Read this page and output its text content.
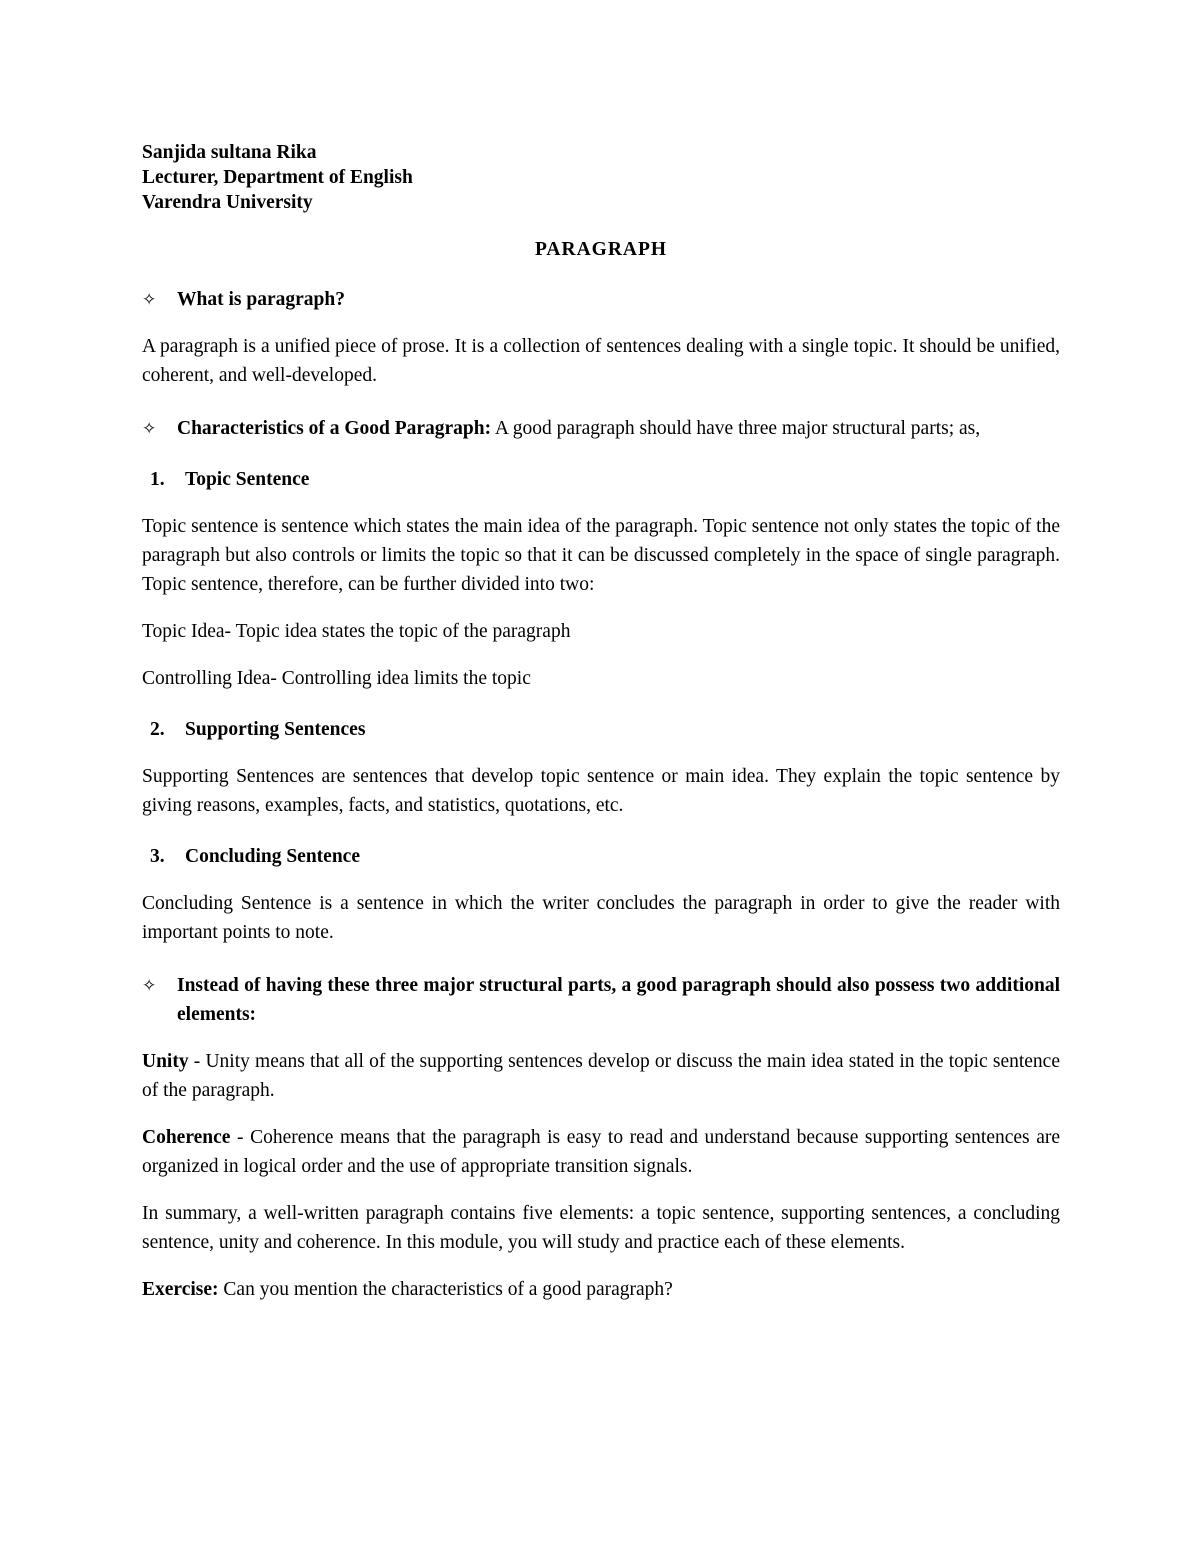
Sanjida sultana Rika
Lecturer, Department of English
Varendra University
PARAGRAPH
✧	What is paragraph?
A paragraph is a unified piece of prose. It is a collection of sentences dealing with a single topic. It should be unified, coherent, and well-developed.
✧	Characteristics of a Good Paragraph: A good paragraph should have three major structural parts; as,
1.	Topic Sentence
Topic sentence is sentence which states the main idea of the paragraph. Topic sentence not only states the topic of the paragraph but also controls or limits the topic so that it can be discussed completely in the space of single paragraph. Topic sentence, therefore, can be further divided into two:
Topic Idea- Topic idea states the topic of the paragraph
Controlling Idea- Controlling idea limits the topic
2.	Supporting Sentences
Supporting Sentences are sentences that develop topic sentence or main idea. They explain the topic sentence by giving reasons, examples, facts, and statistics, quotations, etc.
3.	Concluding Sentence
Concluding Sentence is a sentence in which the writer concludes the paragraph in order to give the reader with important points to note.
✧	Instead of having these three major structural parts, a good paragraph should also possess two additional elements:
Unity - Unity means that all of the supporting sentences develop or discuss the main idea stated in the topic sentence of the paragraph.
Coherence - Coherence means that the paragraph is easy to read and understand because supporting sentences are organized in logical order and the use of appropriate transition signals.
In summary, a well-written paragraph contains five elements: a topic sentence, supporting sentences, a concluding sentence, unity and coherence. In this module, you will study and practice each of these elements.
Exercise: Can you mention the characteristics of a good paragraph?
